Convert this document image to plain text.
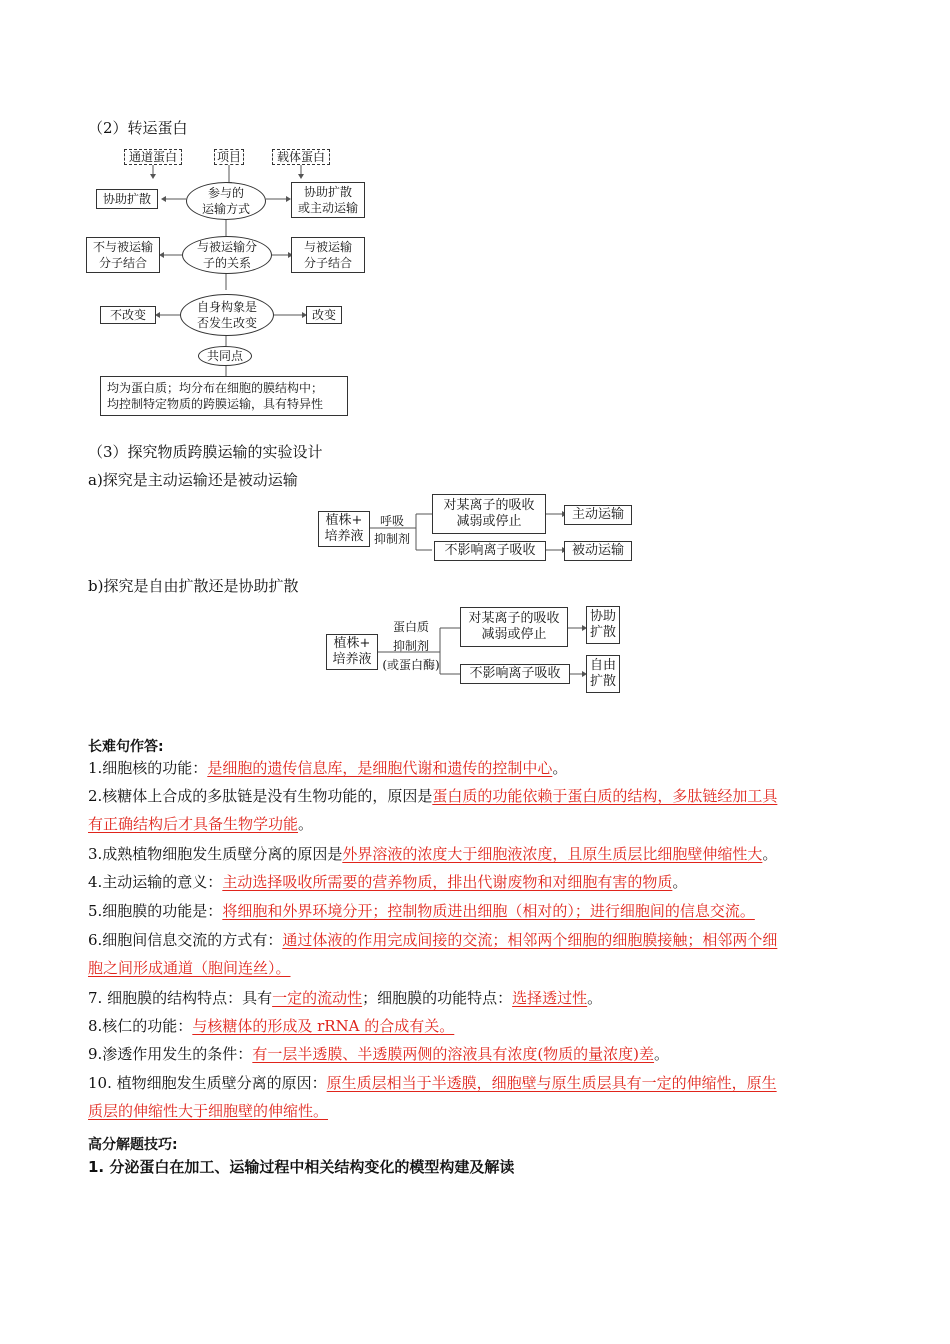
（2）转运蛋白
通道蛋白	项目	载体蛋白
协助扩散	参与的
运输方式
协助扩散
或主动运输
不与被运输
分子结合
与被运输分
子的关系
与被运输
分子结合
不改变
自身构象是
否发生改变
改变
共同点
均为蛋白质；均分布在细胞的膜结构中；
均控制特定物质的跨膜运输，具有特异性
（3）探究物质跨膜运输的实验设计
a)探究是主动运输还是被动运输
植株+
培养液
呼吸
抑制剂
对某离子的吸收
减弱或停止
不影响离子吸收
主动运输
被动运输
b)探究是自由扩散还是协助扩散
植株+
培养液
蛋白质
抑制剂
(或蛋白酶)
对某离子的吸收
减弱或停止
不影响离子吸收
协助
扩散
自由
扩散
长难句作答:
1.细胞核的功能：是细胞的遗传信息库，是细胞代谢和遗传的控制中心。
2.核糖体上合成的多肽链是没有生物功能的，原因是蛋白质的功能依赖于蛋白质的结构，多肽链经加工具
有正确结构后才具备生物学功能。
3.成熟植物细胞发生质壁分离的原因是外界溶液的浓度大于细胞液浓度，且原生质层比细胞壁伸缩性大。
4.主动运输的意义：主动选择吸收所需要的营养物质，排出代谢废物和对细胞有害的物质。
5.细胞膜的功能是：将细胞和外界环境分开；控制物质进出细胞（相对的）；进行细胞间的信息交流。
6.细胞间信息交流的方式有：通过体液的作用完成间接的交流；相邻两个细胞的细胞膜接触；相邻两个细
胞之间形成通道（胞间连丝）。
7. 细胞膜的结构特点：具有一定的流动性；细胞膜的功能特点：选择透过性。
8.核仁的功能：与核糖体的形成及 rRNA 的合成有关。
9.渗透作用发生的条件：有一层半透膜、半透膜两侧的溶液具有浓度(物质的量浓度)差。
10. 植物细胞发生质壁分离的原因：原生质层相当于半透膜，细胞壁与原生质层具有一定的伸缩性，原生
质层的伸缩性大于细胞壁的伸缩性。
高分解题技巧:
1. 分泌蛋白在加工、运输过程中相关结构变化的模型构建及解读
